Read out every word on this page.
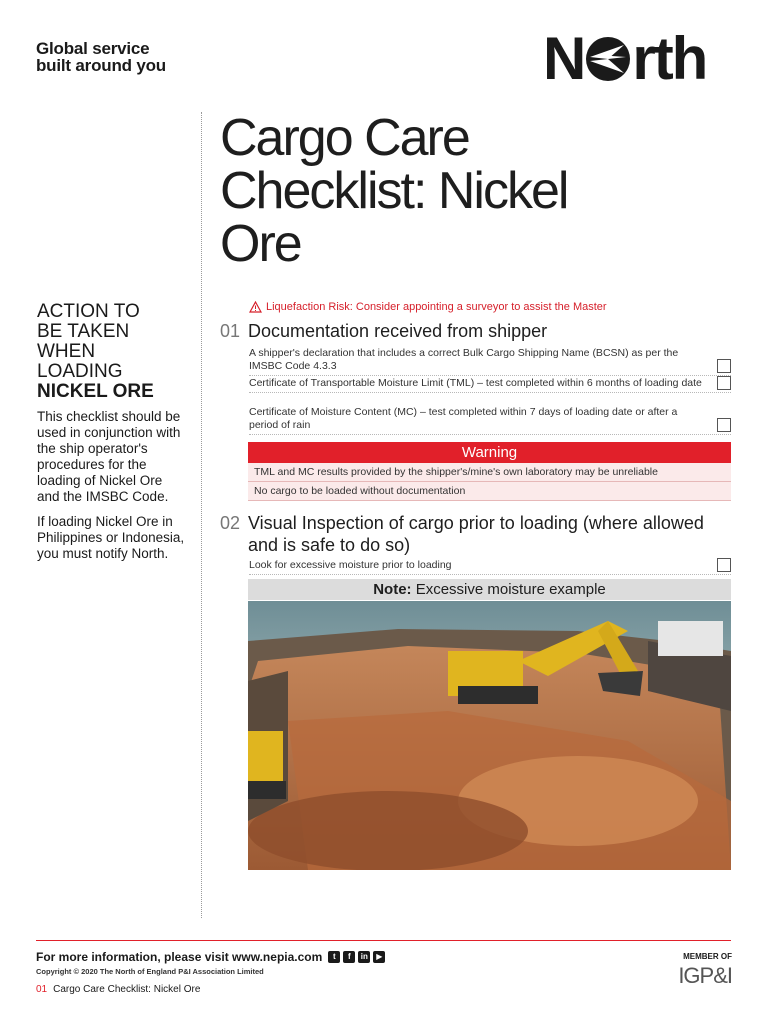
Global service
built around you	N rth
Cargo Care
Checklist: Nickel
Ore
ACTION TO
BE TAKEN
WHEN
LOADING
NICKEL ORE
This checklist should be used in conjunction with the ship operator's procedures for the loading of Nickel Ore and the IMSBC Code.
If loading Nickel Ore in Philippines or Indonesia, you must notify North.
Liquefaction Risk: Consider appointing a surveyor to assist the Master
01 Documentation received from shipper
A shipper's declaration that includes a correct Bulk Cargo Shipping Name (BCSN) as per the IMSBC Code 4.3.3
Certificate of Transportable Moisture Limit (TML) – test completed within 6 months of loading date
Certificate of Moisture Content (MC) – test completed within 7 days of loading date or after a period of rain
Warning
TML and MC results provided by the shipper's/mine's own laboratory may be unreliable
No cargo to be loaded without documentation
02 Visual Inspection of cargo prior to loading (where allowed and is safe to do so)
Look for excessive moisture prior to loading
Note: Excessive moisture example
For more information, please visit www.nepia.com	t	f	in	▶
Copyright © 2020 The North of England P&I Association Limited
01 Cargo Care Checklist: Nickel Ore
MEMBER OF
IGP&I
